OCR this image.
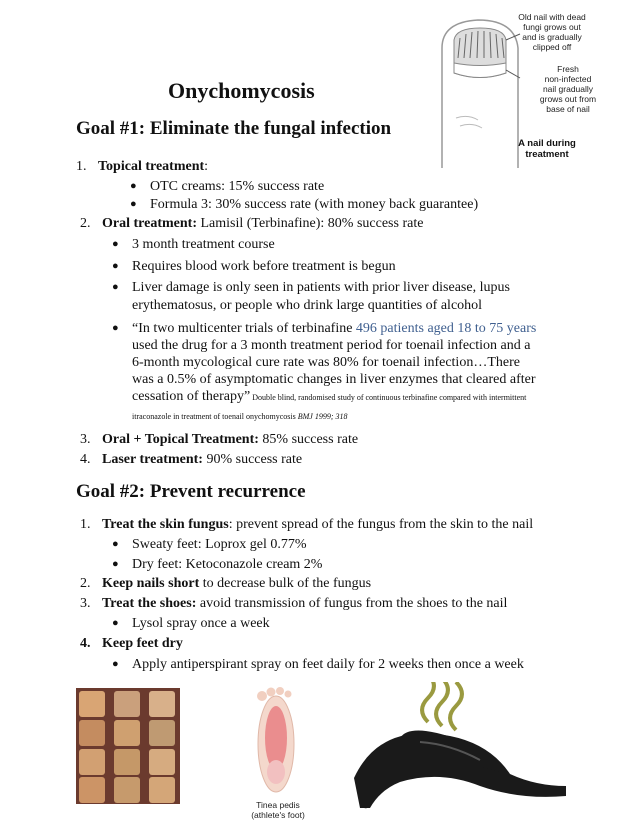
Onychomycosis
Old nail with dead
fungi grows out
and is gradually
clipped off
Fresh
non-infected
nail gradually
grows out from
base of nail
A nail during
treatment
Goal #1: Eliminate the fungal infection
1. Topical treatment:
● OTC creams: 15% success rate
● Formula 3: 30% success rate (with money back guarantee)
2. Oral treatment: Lamisil (Terbinafine): 80% success rate
● 3 month treatment course
● Requires blood work before treatment is begun
● Liver damage is only seen in patients with prior liver disease, lupus
erythematosus, or people who drink large quantities of alcohol
● “In two multicenter trials of terbinafine 496 patients aged 18 to 75 years
used the drug for a 3 month treatment period for toenail infection and a
6-month mycological cure rate was 80% for toenail infection…There
was a 0.5% of asymptomatic changes in liver enzymes that cleared after
cessation of therapy” Double blind, randomised study of continuous terbinafine compared with intermittent
itraconazole in treatment of toenail onychomycosis BMJ 1999; 318
3. Oral + Topical Treatment: 85% success rate
4. Laser treatment: 90% success rate
Goal #2: Prevent recurrence
1. Treat the skin fungus: prevent spread of the fungus from the skin to the nail
● Sweaty feet: Loprox gel 0.77%
● Dry feet: Ketoconazole cream 2%
2. Keep nails short to decrease bulk of the fungus
3. Treat the shoes: avoid transmission of fungus from the shoes to the nail
● Lysol spray once a week
4. Keep feet dry
● Apply antiperspirant spray on feet daily for 2 weeks then once a week
Tinea pedis
(athlete's foot)
